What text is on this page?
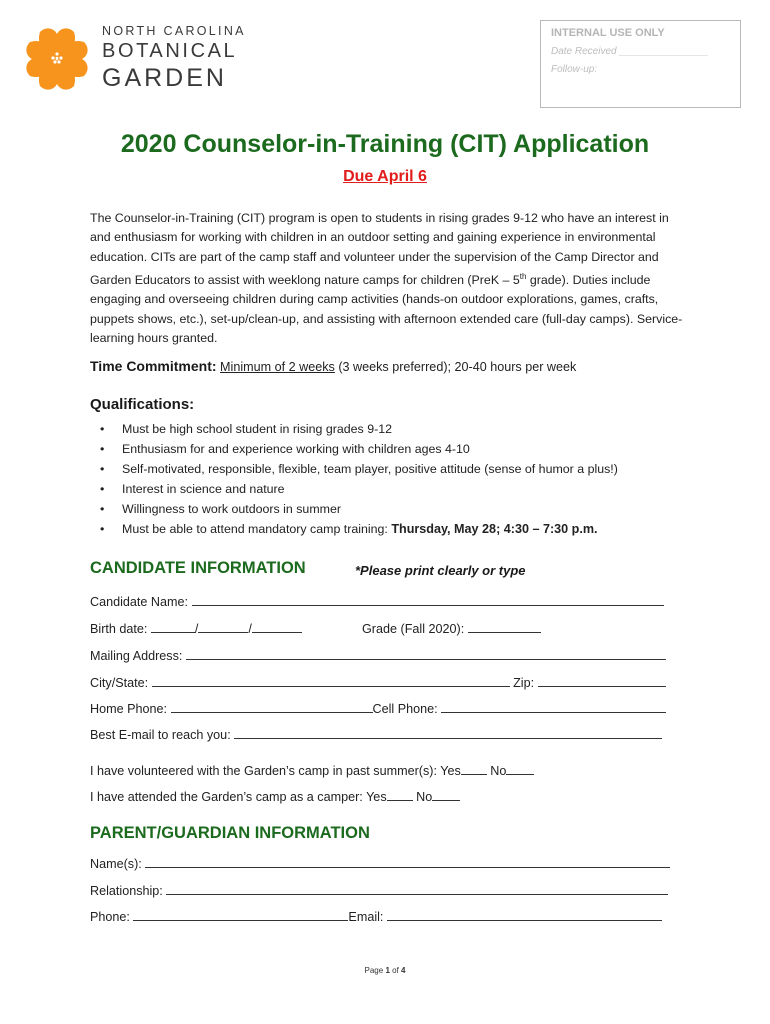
NORTH CAROLINA
BOTANICAL
GARDEN
INTERNAL USE ONLY
Date Received ________________
Follow-up:
2020 Counselor-in-Training (CIT) Application
Due April 6
The Counselor-in-Training (CIT) program is open to students in rising grades 9-12 who have an interest in and enthusiasm for working with children in an outdoor setting and gaining experience in environmental education. CITs are part of the camp staff and volunteer under the supervision of the Camp Director and Garden Educators to assist with weeklong nature camps for children (PreK – 5th grade). Duties include engaging and overseeing children during camp activities (hands-on outdoor explorations, games, crafts, puppets shows, etc.), set-up/clean-up, and assisting with afternoon extended care (full-day camps). Service-learning hours granted.
Time Commitment: Minimum of 2 weeks (3 weeks preferred); 20-40 hours per week
Qualifications:
• Must be high school student in rising grades 9-12
• Enthusiasm for and experience working with children ages 4-10
• Self-motivated, responsible, flexible, team player, positive attitude (sense of humor a plus!)
• Interest in science and nature
• Willingness to work outdoors in summer
• Must be able to attend mandatory camp training: Thursday, May 28; 4:30 – 7:30 p.m.
CANDIDATE INFORMATION	*Please print clearly or type
Candidate Name:
Birth date:	/	/	Grade (Fall 2020):
Mailing Address:
City/State:	Zip:
Home Phone:	Cell Phone:
Best E-mail to reach you:
I have volunteered with the Garden’s camp in past summer(s): Yes No
I have attended the Garden’s camp as a camper: Yes No
PARENT/GUARDIAN INFORMATION
Name(s):
Relationship:
Phone:	Email:
Page 1 of 4
